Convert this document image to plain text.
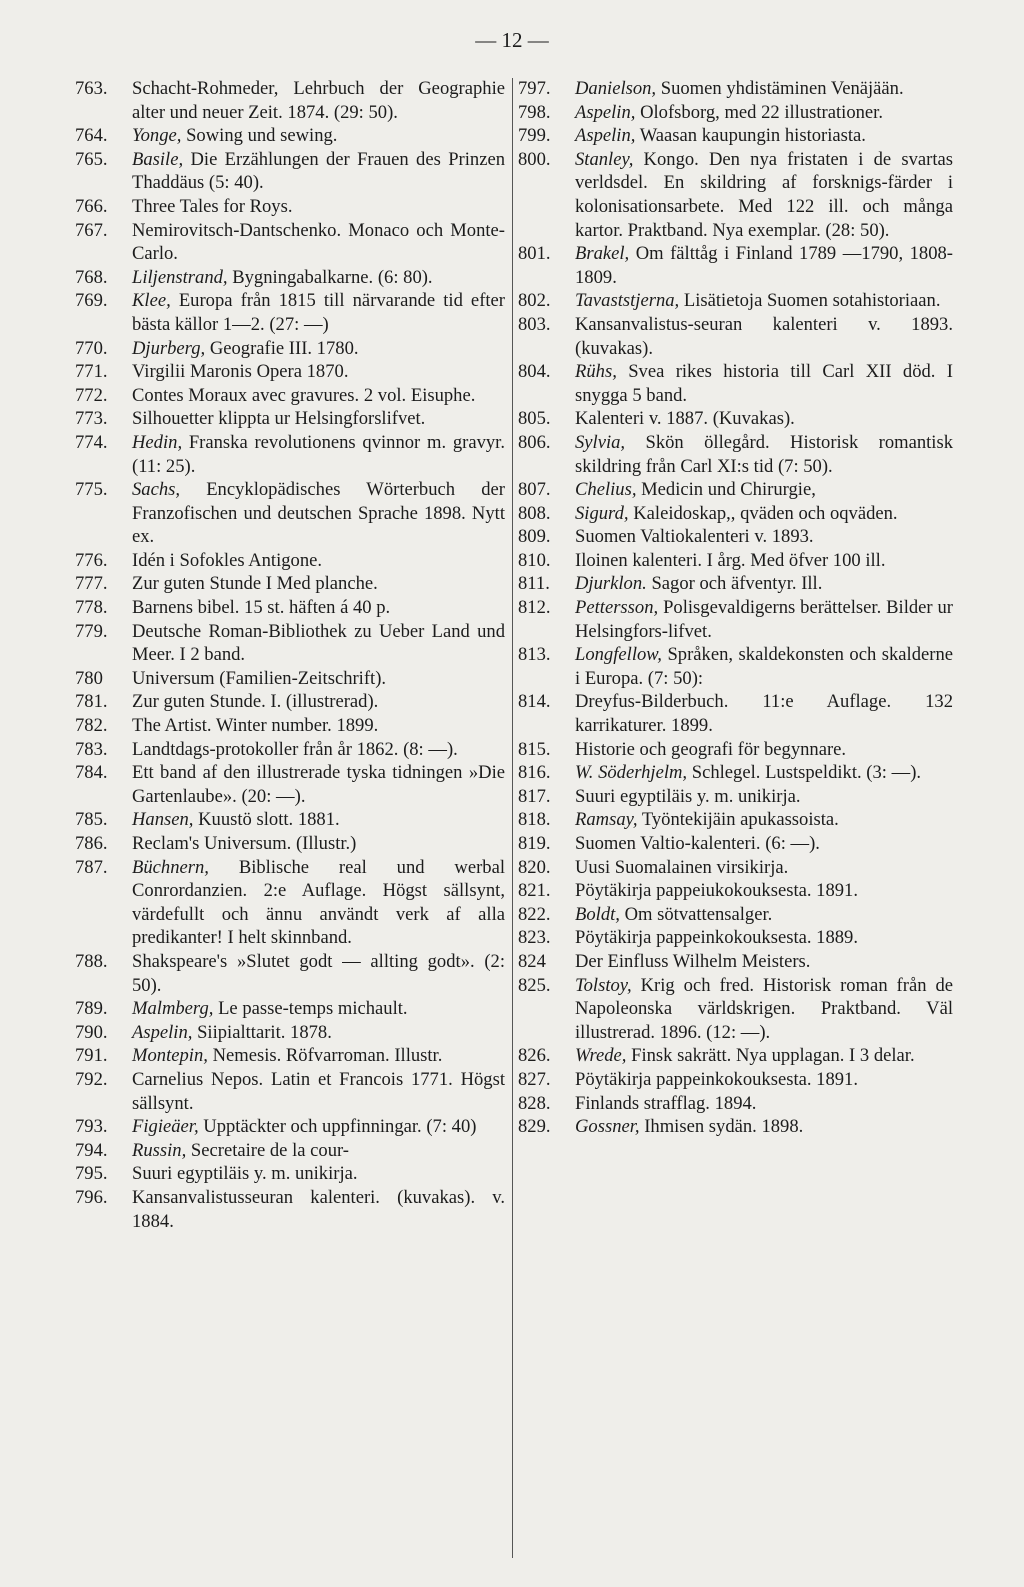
— 12 —
763.	Schacht-Rohmeder, Lehrbuch der Geographie alter und neuer Zeit. 1874. (29: 50).
764.	Yonge, Sowing und sewing.
765.	Basile, Die Erzählungen der Frauen des Prinzen Thaddäus (5: 40).
766.	Three Tales for Roys.
767.	Nemirovitsch-Dantschenko. Monaco och Monte-Carlo.
768.	Liljenstrand, Bygningabalkarne. (6: 80).
769.	Klee, Europa från 1815 till närvarande tid efter bästa källor 1—2. (27: —)
770.	Djurberg, Geografie III. 1780.
771.	Virgilii Maronis Opera 1870.
772.	Contes Moraux avec gravures. 2 vol. Eisuphe.
773.	Silhouetter klippta ur Helsingforslifvet.
774.	Hedin, Franska revolutionens qvinnor m. gravyr. (11: 25).
775.	Sachs, Encyklopädisches Wörterbuch der Franzofischen und deutschen Sprache 1898. Nytt ex.
776.	Idén i Sofokles Antigone.
777.	Zur guten Stunde I Med planche.
778.	Barnens bibel. 15 st. häften á 40 p.
779.	Deutsche Roman-Bibliothek zu Ueber Land und Meer. I 2 band.
780	Universum (Familien-Zeitschrift).
781.	Zur guten Stunde. I. (illustrerad).
782.	The Artist. Winter number. 1899.
783.	Landtdags-protokoller från år 1862. (8: —).
784.	Ett band af den illustrerade tyska tidningen »Die Gartenlaube». (20: —).
785.	Hansen, Kuustö slott. 1881.
786.	Reclam's Universum. (Illustr.)
787.	Büchnern, Biblische real und werbal Conrordanzien. 2:e Auflage. Högst sällsynt, värdefullt och ännu användt verk af alla predikanter! I helt skinnband.
788.	Shakspeare's »Slutet godt — allting godt». (2: 50).
789.	Malmberg, Le passe-temps michault.
790.	Aspelin, Siipialttarit. 1878.
791.	Montepin, Nemesis. Röfvarroman. Illustr.
792.	Carnelius Nepos. Latin et Francois 1771. Högst sällsynt.
793.	Figieäer, Upptäckter och uppfinningar. (7: 40)
794.	Russin, Secretaire de la cour-
795.	Suuri egyptiläis y. m. unikirja.
796.	Kansanvalistusseuran kalenteri. (kuvakas). v. 1884.
797.	Danielson, Suomen yhdistäminen Venäjään.
798.	Aspelin, Olofsborg, med 22 illustrationer.
799.	Aspelin, Waasan kaupungin historiasta.
800.	Stanley, Kongo. Den nya fristaten i de svartas verldsdel. En skildring af forsknigs-färder i kolonisationsarbete. Med 122 ill. och många kartor. Praktband. Nya exemplar. (28: 50).
801.	Brakel, Om fälttåg i Finland 1789 —1790, 1808-1809.
802.	Tavaststjerna, Lisätietoja Suomen sotahistoriaan.
803.	Kansanvalistus-seuran kalenteri v. 1893. (kuvakas).
804.	Rühs, Svea rikes historia till Carl XII död. I snygga 5 band.
805.	Kalenteri v. 1887. (Kuvakas).
806.	Sylvia, Skön öllegård. Historisk romantisk skildring från Carl XI:s tid (7: 50).
807.	Chelius, Medicin und Chirurgie,
808.	Sigurd, Kaleidoskap,, qväden och oqväden.
809.	Suomen Valtiokalenteri v. 1893.
810.	Iloinen kalenteri. I årg. Med öfver 100 ill.
811.	Djurklon. Sagor och äfventyr. Ill.
812.	Pettersson, Polisgevaldigerns berättelser. Bilder ur Helsingfors-lifvet.
813.	Longfellow, Språken, skaldekonsten och skalderne i Europa. (7: 50):
814.	Dreyfus-Bilderbuch. 11:e Auflage. 132 karrikaturer. 1899.
815.	Historie och geografi för begynnare.
816.	W. Söderhjelm, Schlegel. Lustspeldikt. (3: —).
817.	Suuri egyptiläis y. m. unikirja.
818.	Ramsay, Työntekijäin apukassoista.
819.	Suomen Valtio-kalenteri. (6: —).
820.	Uusi Suomalainen virsikirja.
821.	Pöytäkirja pappeiukokouksesta. 1891.
822.	Boldt, Om sötvattensalger.
823.	Pöytäkirja pappeinkokouksesta. 1889.
824	Der Einfluss Wilhelm Meisters.
825.	Tolstoy, Krig och fred. Historisk roman från de Napoleonska världskrigen. Praktband. Väl illustrerad. 1896. (12: —).
826.	Wrede, Finsk sakrätt. Nya upplagan. I 3 delar.
827.	Pöytäkirja pappeinkokouksesta. 1891.
828.	Finlands strafflag. 1894.
829.	Gossner, Ihmisen sydän. 1898.
